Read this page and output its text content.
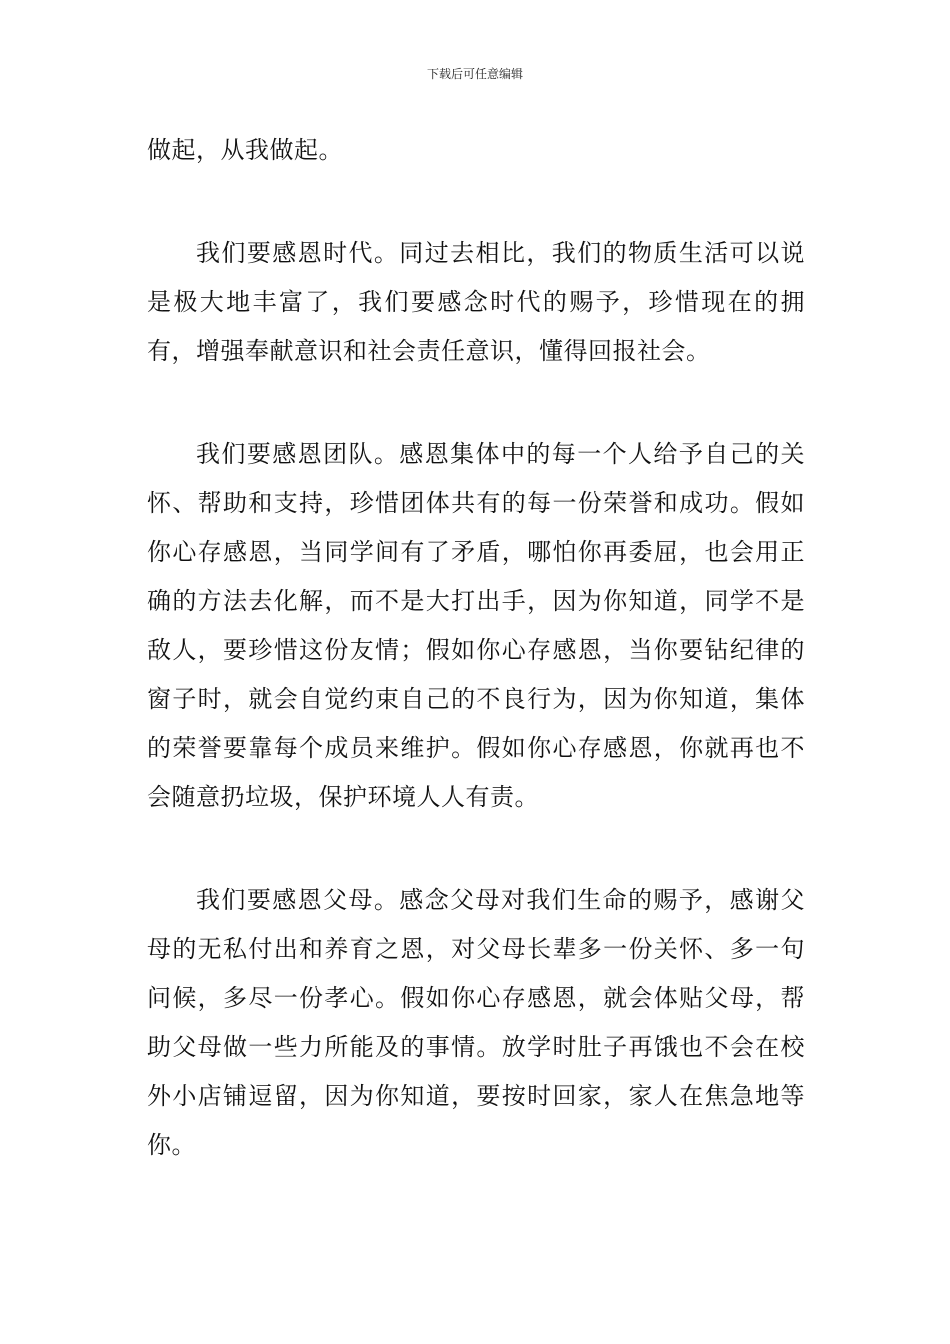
下载后可任意编辑

做起，从我做起。

我们要感恩时代。同过去相比，我们的物质生活可以说是极大地丰富了，我们要感念时代的赐予，珍惜现在的拥有，增强奉献意识和社会责任意识，懂得回报社会。

我们要感恩团队。感恩集体中的每一个人给予自己的关怀、帮助和支持，珍惜团体共有的每一份荣誉和成功。假如你心存感恩，当同学间有了矛盾，哪怕你再委屈，也会用正确的方法去化解，而不是大打出手，因为你知道，同学不是敌人，要珍惜这份友情；假如你心存感恩，当你要钻纪律的窗子时，就会自觉约束自己的不良行为，因为你知道，集体的荣誉要靠每个成员来维护。假如你心存感恩，你就再也不会随意扔垃圾，保护环境人人有责。

我们要感恩父母。感念父母对我们生命的赐予，感谢父母的无私付出和养育之恩，对父母长辈多一份关怀、多一句问候，多尽一份孝心。假如你心存感恩，就会体贴父母，帮助父母做一些力所能及的事情。放学时肚子再饿也不会在校外小店铺逗留，因为你知道，要按时回家，家人在焦急地等你。
